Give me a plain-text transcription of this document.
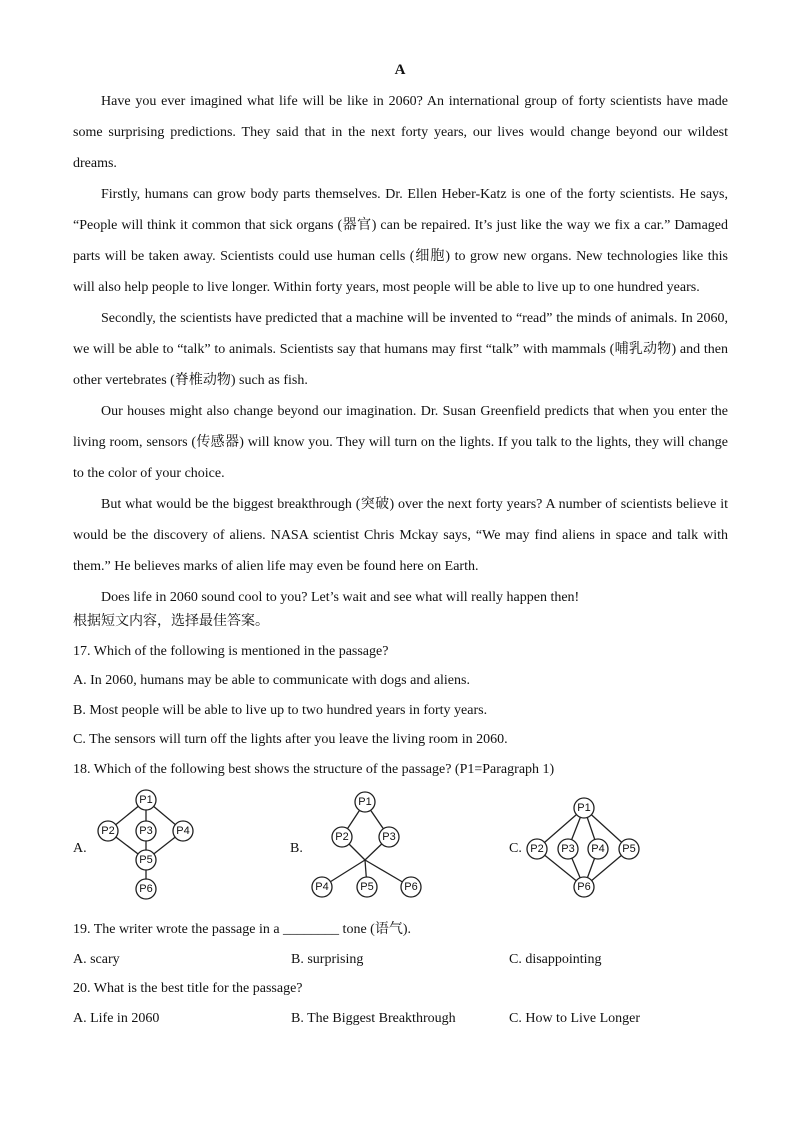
A

Have you ever imagined what life will be like in 2060? An international group of forty scientists have made some surprising predictions. They said that in the next forty years, our lives would change beyond our wildest dreams.

Firstly, humans can grow body parts themselves. Dr. Ellen Heber-Katz is one of the forty scientists. He says, “People will think it common that sick organs (器官) can be repaired. It’s just like the way we fix a car.” Damaged parts will be taken away. Scientists could use human cells (细胞) to grow new organs. New technologies like this will also help people to live longer. Within forty years, most people will be able to live up to one hundred years.

Secondly, the scientists have predicted that a machine will be invented to “read” the minds of animals. In 2060, we will be able to “talk” to animals. Scientists say that humans may first “talk” with mammals (哺乳动物) and then other vertebrates (脊椎动物) such as fish.

Our houses might also change beyond our imagination. Dr. Susan Greenfield predicts that when you enter the living room, sensors (传感器) will know you. They will turn on the lights. If you talk to the lights, they will change to the color of your choice.

But what would be the biggest breakthrough (突破) over the next forty years? A number of scientists believe it would be the discovery of aliens. NASA scientist Chris Mckay says, “We may find aliens in space and talk with them.” He believes marks of alien life may even be found here on Earth.

Does life in 2060 sound cool to you? Let’s wait and see what will really happen then!

根据短文内容，选择最佳答案。
17. Which of the following is mentioned in the passage?
A. In 2060, humans may be able to communicate with dogs and aliens.
B. Most people will be able to live up to two hundred years in forty years.
C. The sensors will turn off the lights after you leave the living room in 2060.
18. Which of the following best shows the structure of the passage? (P1=Paragraph 1)
A.
P1
P2 P3 P4
P5
P6
B.
P1
P2	P3
P4	P5	P6
C.
P1
P2 P3 P4 P5
P6
19. The writer wrote the passage in a ________ tone (语气).
A. scary	B. surprising	C. disappointing
20. What is the best title for the passage?
A. Life in 2060	B. The Biggest Breakthrough	C. How to Live Longer
